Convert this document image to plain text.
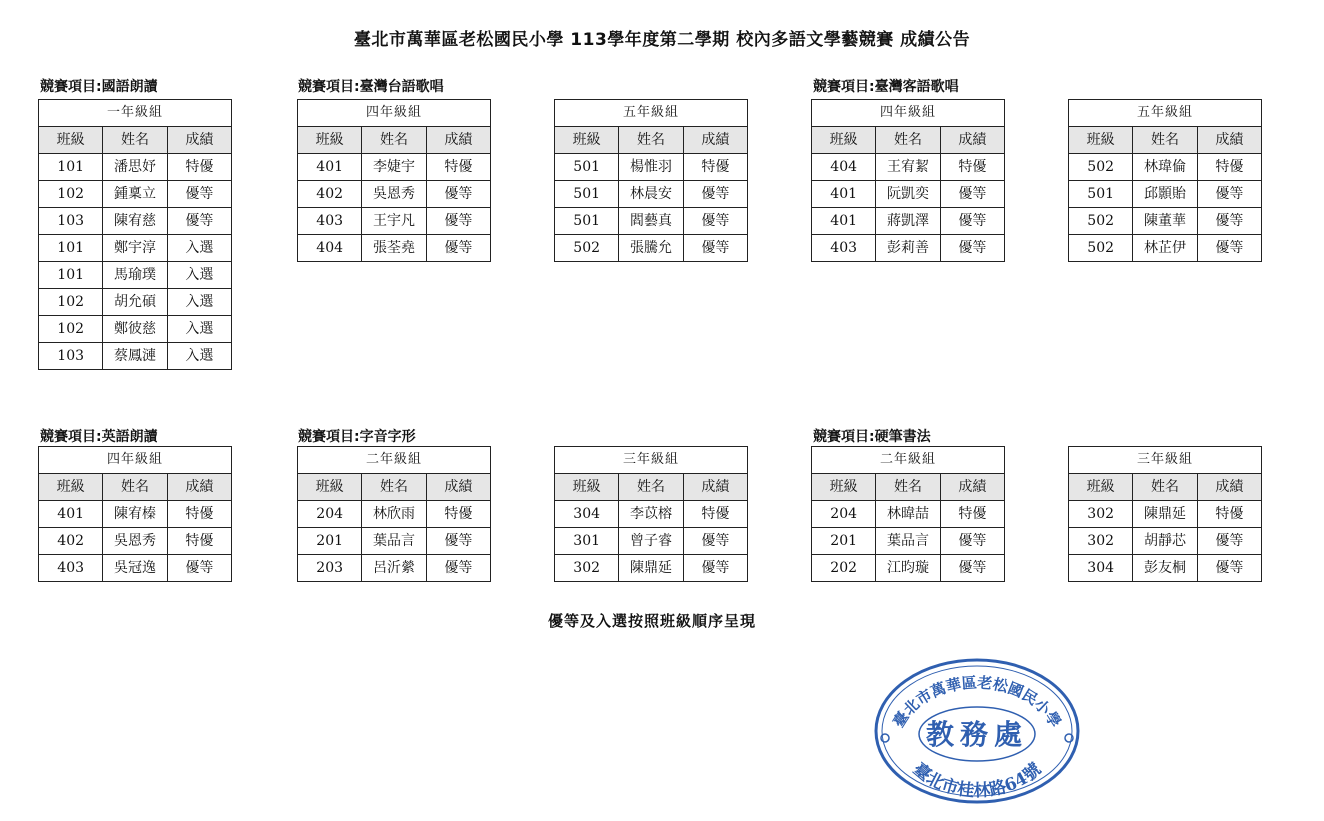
臺北市萬華區老松國民小學 113學年度第二學期 校內多語文學藝競賽 成績公告
競賽項目:國語朗讀	競賽項目:臺灣台語歌唱	競賽項目:臺灣客語歌唱
競賽項目:英語朗讀	競賽項目:字音字形	競賽項目:硬筆書法
一年級組		
班級	姓名	成績
101	潘思妤	特優
102	鍾稟立	優等
103	陳宥慈	優等
101	鄭宇淳	入選
101	馬瑜璞	入選
102	胡允碩	入選
102	鄭彼慈	入選
103	蔡鳳漣	入選
四年級組		
班級	姓名	成績
401	李婕宇	特優
402	吳恩秀	優等
403	王宇凡	優等
404	張荃堯	優等
五年級組		
班級	姓名	成績
501	楊惟羽	特優
501	林晨安	優等
501	閻藝真	優等
502	張騰允	優等
四年級組		
班級	姓名	成績
404	王宥絜	特優
401	阮凱奕	優等
401	蔣凱澤	優等
403	彭莉善	優等
五年級組		
班級	姓名	成績
502	林瑋倫	特優
501	邱顥貽	優等
502	陳董華	優等
502	林芷伊	優等
四年級組		
班級	姓名	成績
401	陳宥榛	特優
402	吳恩秀	特優
403	吳冠逸	優等
二年級組		
班級	姓名	成績
204	林欣雨	特優
201	葉品言	優等
203	呂沂縈	優等
三年級組		
班級	姓名	成績
304	李苡榕	特優
301	曾子睿	優等
302	陳鼎延	優等
二年級組		
班級	姓名	成績
204	林暐喆	特優
201	葉品言	優等
202	江昀璇	優等
三年級組		
班級	姓名	成績
302	陳鼎延	特優
302	胡靜芯	優等
304	彭友桐	優等
優等及入選按照班級順序呈現
臺北市萬華區老松國民小學
教務處
臺北市桂林路64號
